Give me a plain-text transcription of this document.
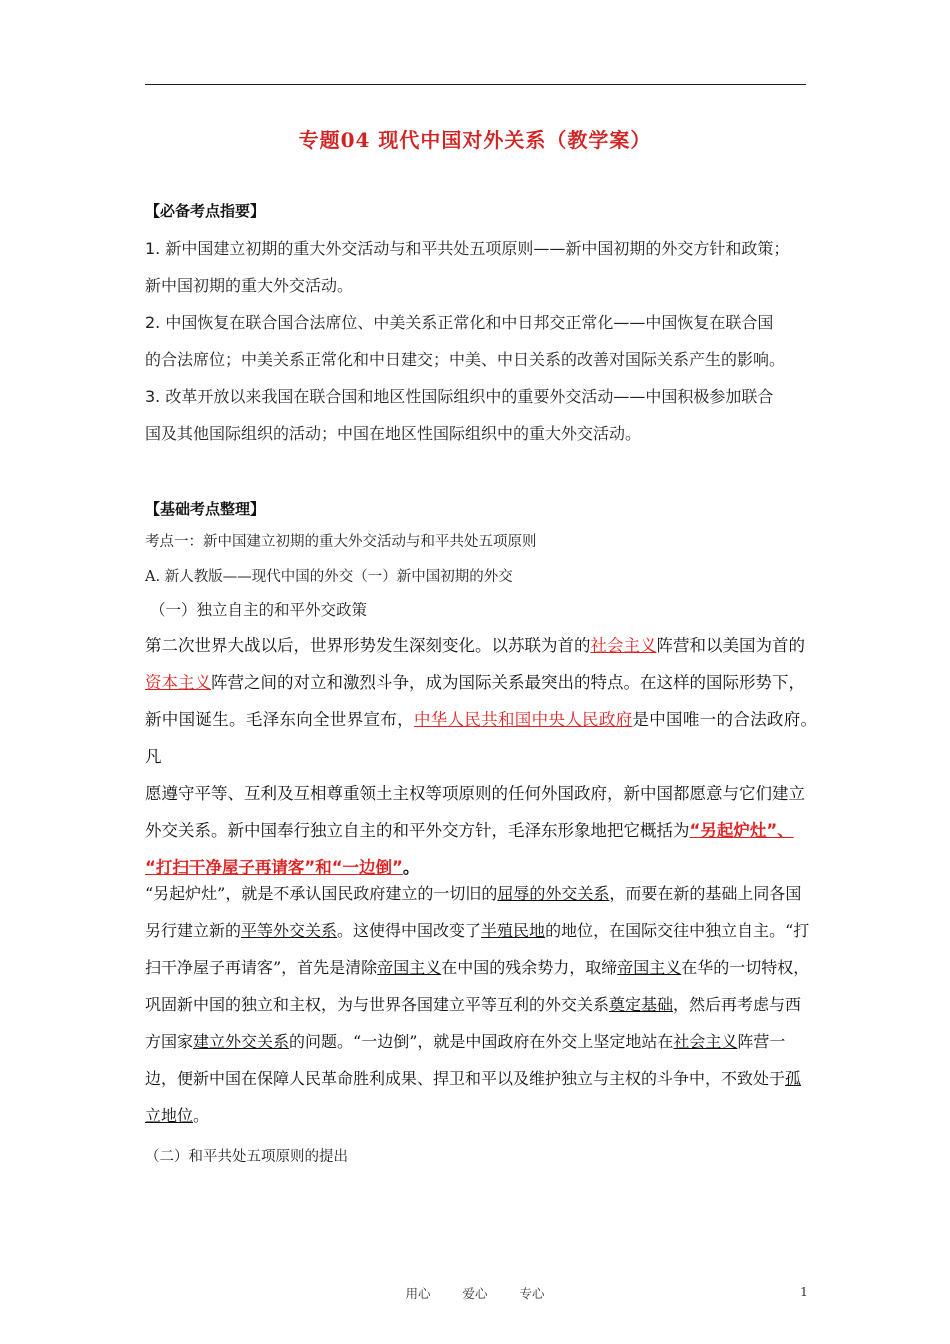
专题04 现代中国对外关系（教学案）
【必备考点指要】

1. 新中国建立初期的重大外交活动与和平共处五项原则——新中国初期的外交方针和政策；

新中国初期的重大外交活动。

2. 中国恢复在联合国合法席位、中美关系正常化和中日邦交正常化——中国恢复在联合国

的合法席位；中美关系正常化和中日建交；中美、中日关系的改善对国际关系产生的影响。

3. 改革开放以来我国在联合国和地区性国际组织中的重要外交活动——中国积极参加联合

国及其他国际组织的活动；中国在地区性国际组织中的重大外交活动。

【基础考点整理】
考点一：新中国建立初期的重大外交活动与和平共处五项原则
A. 新人教版——现代中国的外交（一）新中国初期的外交
（一）独立自主的和平外交政策

第二次世界大战以后，世界形势发生深刻变化。以苏联为首的社会主义阵营和以美国为首的

资本主义阵营之间的对立和激烈斗争，成为国际关系最突出的特点。在这样的国际形势下，

新中国诞生。毛泽东向全世界宣布，中华人民共和国中央人民政府是中国唯一的合法政府。凡

愿遵守平等、互利及互相尊重领土主权等项原则的任何外国政府，新中国都愿意与它们建立

外交关系。新中国奉行独立自主的和平外交方针，毛泽东形象地把它概括为“另起炉灶”、

“打扫干净屋子再请客”和“一边倒”。

“另起炉灶”，就是不承认国民政府建立的一切旧的屈辱的外交关系，而要在新的基础上同各国另行建立新的平等外交关系。这使得中国改变了半殖民地的地位，在国际交往中独立自主。“打扫干净屋子再请客”，首先是清除帝国主义在中国的残余势力，取缔帝国主义在华的一切特权，巩固新中国的独立和主权，为与世界各国建立平等互利的外交关系奠定基础，然后再考虑与西方国家建立外交关系的问题。“一边倒”，就是中国政府在外交上坚定地站在社会主义阵营一边，便新中国在保障人民革命胜利成果、捍卫和平以及维护独立与主权的斗争中，不致处于孤立地位。

（二）和平共处五项原则的提出
用心	爱心	专心	1
